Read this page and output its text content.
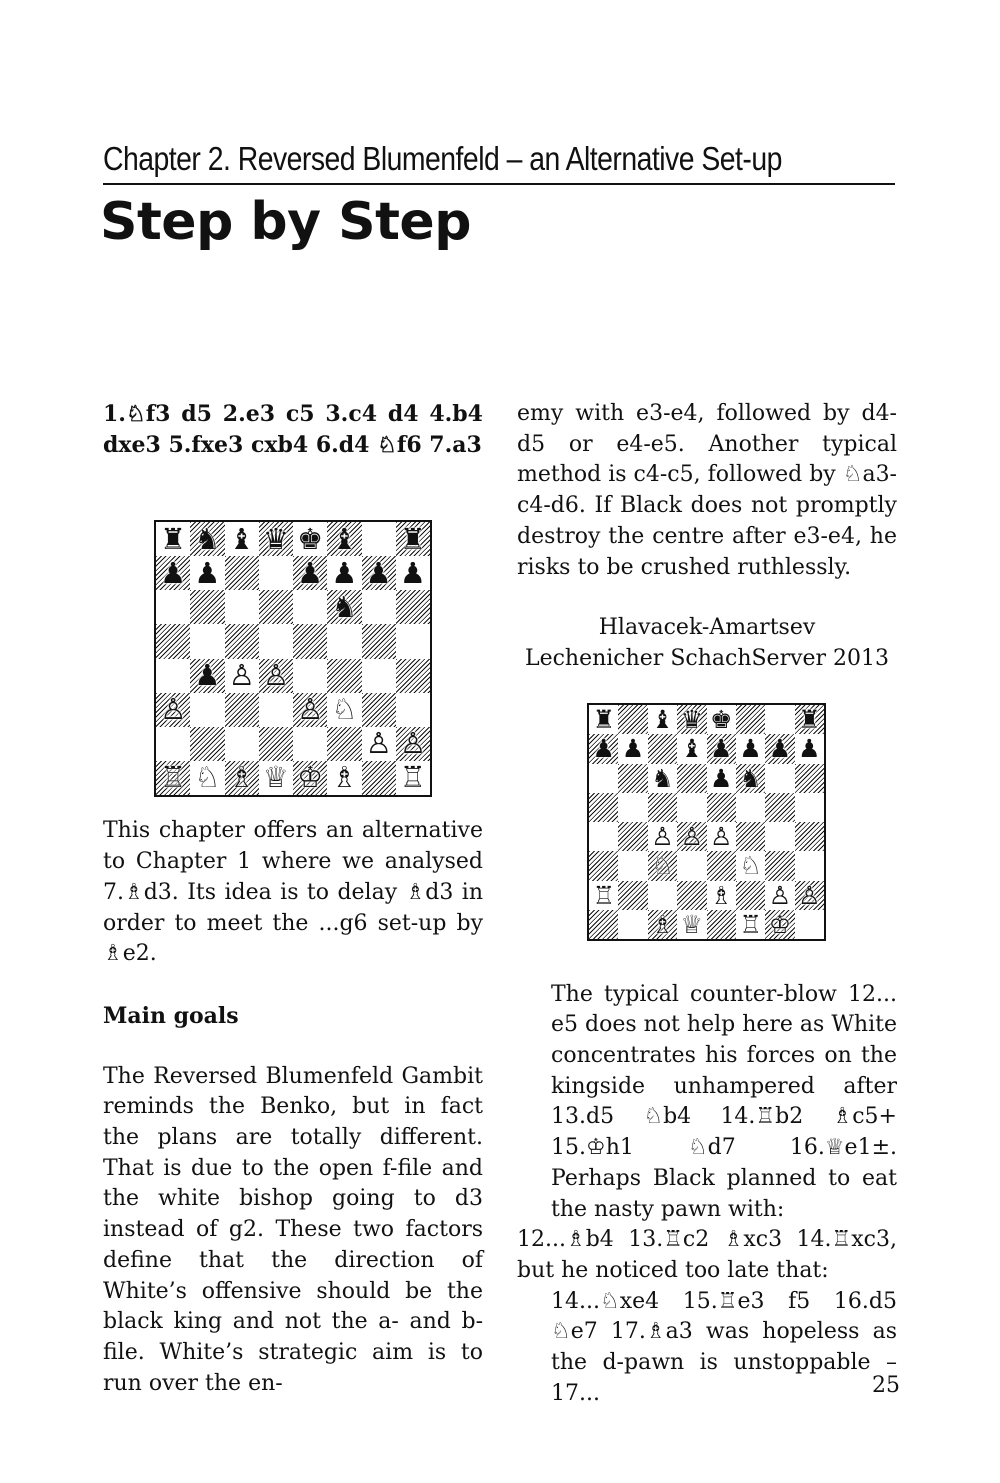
Chapter 2. Reversed Blumenfeld – an Alternative Set-up
Step by Step

1.♘f3 d5 2.e3 c5 3.c4 d4 4.b4 dxe3 5.fxe3 cxb4 6.d4 ♘f6 7.a3

This chapter offers an alternative to Chapter 1 where we analysed 7.♗d3. Its idea is to delay ♗d3 in order to meet the ...g6 set-up by ♗e2.

Main goals

The Reversed Blumenfeld Gambit reminds the Benko, but in fact the plans are totally different. That is due to the open f-file and the white bishop going to d3 instead of g2. These two factors define that the direction of White’s offensive should be the black king and not the a- and b-file. White’s strategic aim is to run over the en-

♜ ♞ ♝ ♛ ♚ ♝ ♜
♟ ♟	♟ ♟ ♟ ♟
♞
♟ ♙ ♙
♙	♙ ♘
♙ ♙
♖ ♘ ♗ ♕ ♔ ♗ ♖

emy with e3-e4, followed by d4-d5 or e4-e5. Another typical method is c4-c5, followed by ♘a3-c4-d6. If Black does not promptly destroy the centre after e3-e4, he risks to be crushed ruthlessly.

Hlavacek-Amartsev

Lechenicher SchachServer 2013

The typical counter-blow 12... e5 does not help here as White concentrates his forces on the kingside unhampered after 13.d5 ♘b4 14.♖b2 ♗c5+ 15.♔h1 ♘d7 16.♕e1±. Perhaps Black planned to eat the nasty pawn with:

12...♗b4 13.♖c2 ♗xc3 14.♖xc3, but he noticed too late that:

14...♘xe4 15.♖e3 f5 16.d5 ♘e7 17.♗a3 was hopeless as the d-pawn is unstoppable – 17...

♜ ♝ ♛ ♚	♜
♟ ♟ ♝ ♟ ♟ ♟ ♟
♞ ♟ ♞
♙ ♙ ♙
♘	♘
♖	♗ ♙ ♙
♗ ♕ ♖ ♔
25
